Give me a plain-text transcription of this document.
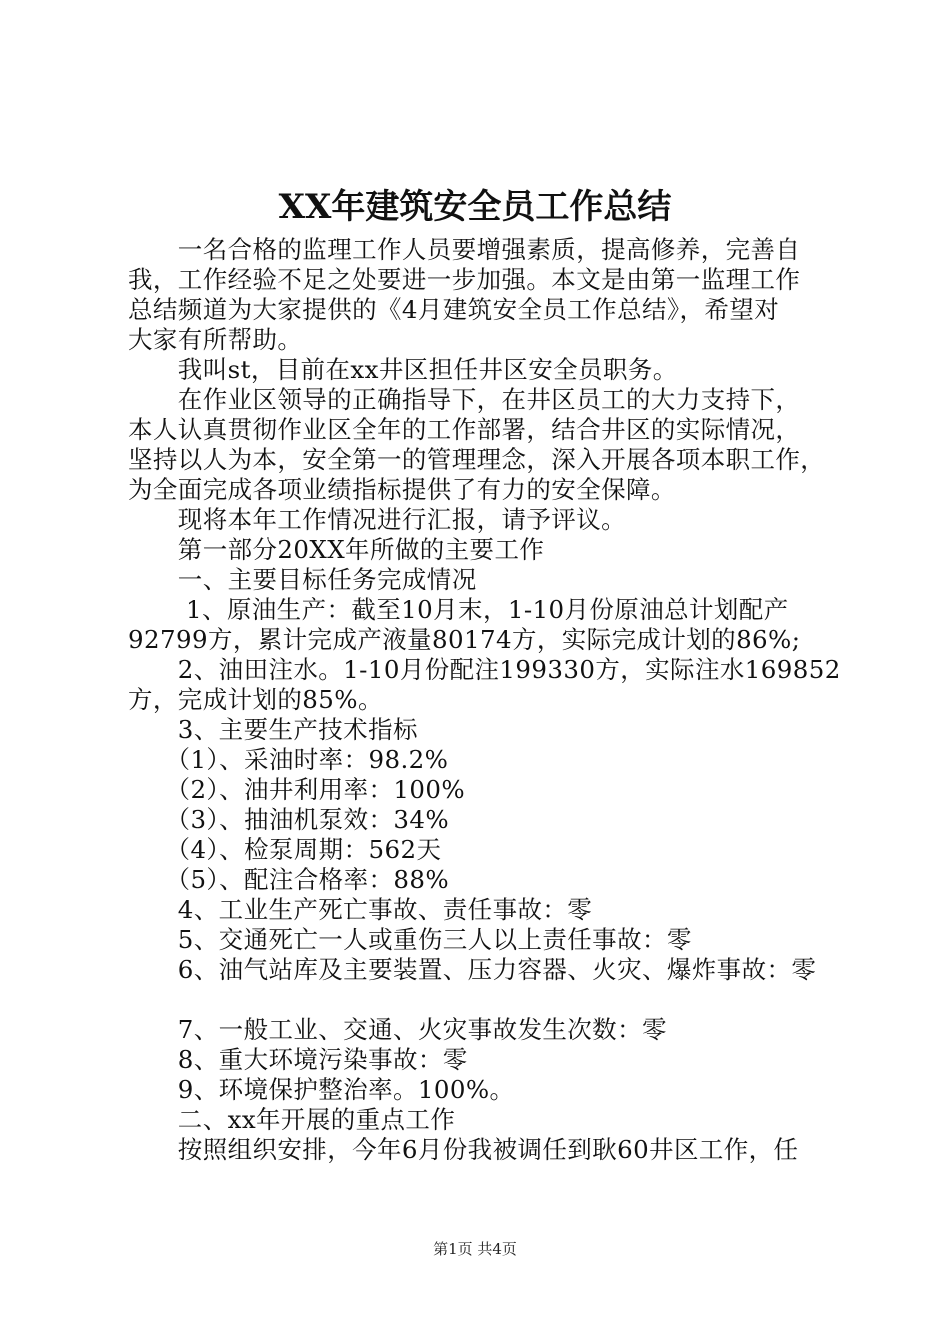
XX年建筑安全员工作总结
　　一名合格的监理工作人员要增强素质，提高修养，完善自
我，工作经验不足之处要进一步加强。本文是由第一监理工作
总结频道为大家提供的《4月建筑安全员工作总结》，希望对
大家有所帮助。
　　我叫st，目前在xx井区担任井区安全员职务。
　　在作业区领导的正确指导下，在井区员工的大力支持下，
本人认真贯彻作业区全年的工作部署，结合井区的实际情况，
坚持以人为本，安全第一的管理理念，深入开展各项本职工作，
为全面完成各项业绩指标提供了有力的安全保障。
　　现将本年工作情况进行汇报，请予评议。
　　第一部分20XX年所做的主要工作
　　一、主要目标任务完成情况
　　 1、原油生产：截至10月末，1-10月份原油总计划配产
92799方，累计完成产液量80174方，实际完成计划的86%;
　　2、油田注水。1-10月份配注199330方，实际注水169852
方，完成计划的85%。
　　3、主要生产技术指标
　　（1）、采油时率：98.2%
　　（2）、油井利用率：100%
　　（3）、抽油机泵效：34%
　　（4）、检泵周期：562天
　　（5）、配注合格率：88%
　　4、工业生产死亡事故、责任事故：零
　　5、交通死亡一人或重伤三人以上责任事故：零
　　6、油气站库及主要装置、压力容器、火灾、爆炸事故：零
　　7、一般工业、交通、火灾事故发生次数：零
　　8、重大环境污染事故：零
　　9、环境保护整治率。100%。
　　二、xx年开展的重点工作
　　按照组织安排，今年6月份我被调任到耿60井区工作，任
第1页 共4页
